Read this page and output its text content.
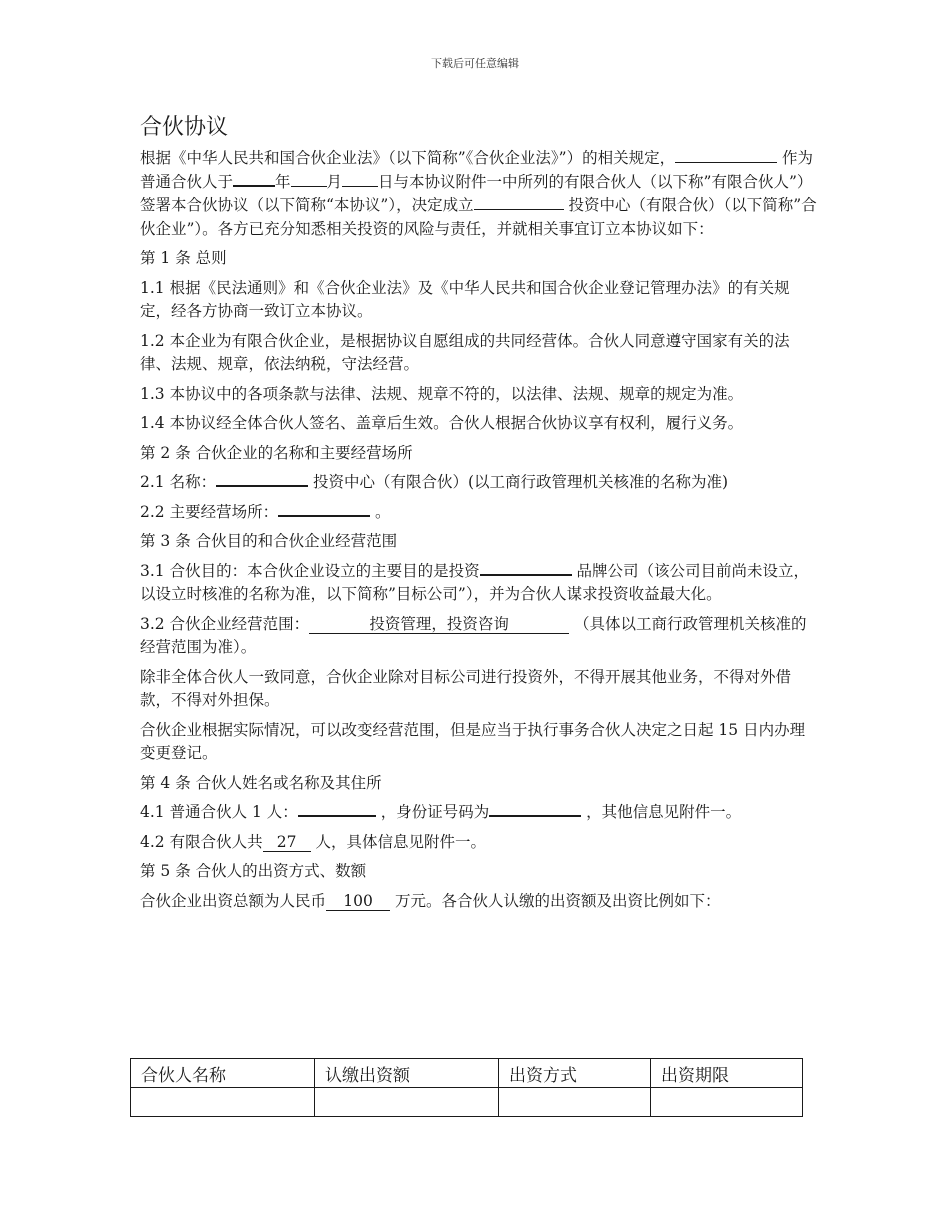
下载后可任意编辑
合伙协议

根据《中华人民共和国合伙企业法》（以下简称”《合伙企业法》”）的相关规定，	作为普通合伙人于	年 月 日与本协议附件一中所列的有限合伙人（以下称”有限合伙人”）签署本合伙协议（以下简称“本协议”），决定成立	投资中心（有限合伙）（以下简称”合伙企业”）。各方已充分知悉相关投资的风险与责任，并就相关事宜订立本协议如下：

第 1 条 总则

1.1 根据《民法通则》和《合伙企业法》及《中华人民共和国合伙企业登记管理办法》的有关规定，经各方协商一致订立本协议。

1.2 本企业为有限合伙企业，是根据协议自愿组成的共同经营体。合伙人同意遵守国家有关的法律、法规、规章，依法纳税，守法经营。

1.3 本协议中的各项条款与法律、法规、规章不符的，以法律、法规、规章的规定为准。

1.4 本协议经全体合伙人签名、盖章后生效。合伙人根据合伙协议享有权利，履行义务。

第 2 条 合伙企业的名称和主要经营场所

2.1 名称：	投资中心（有限合伙）(以工商行政管理机关核准的名称为准)

2.2 主要经营场所：	。

第 3 条 合伙目的和合伙企业经营范围

3.1 合伙目的：本合伙企业设立的主要目的是投资	品牌公司（该公司目前尚未设立，以设立时核准的名称为准，以下简称”目标公司”），并为合伙人谋求投资收益最大化。

3.2 合伙企业经营范围：	投资管理，投资咨询	（具体以工商行政管理机关核准的经营范围为准）。

除非全体合伙人一致同意，合伙企业除对目标公司进行投资外，不得开展其他业务，不得对外借款，不得对外担保。

合伙企业根据实际情况，可以改变经营范围，但是应当于执行事务合伙人决定之日起 15 日内办理变更登记。

第 4 条 合伙人姓名或名称及其住所

4.1 普通合伙人 1 人：	，身份证号码为	，其他信息见附件一。

4.2 有限合伙人共 27 人，具体信息见附件一。

第 5 条 合伙人的出资方式、数额

合伙企业出资总额为人民币 100 万元。各合伙人认缴的出资额及出资比例如下：

合伙人名称	认缴出资额	出资方式	出资期限
